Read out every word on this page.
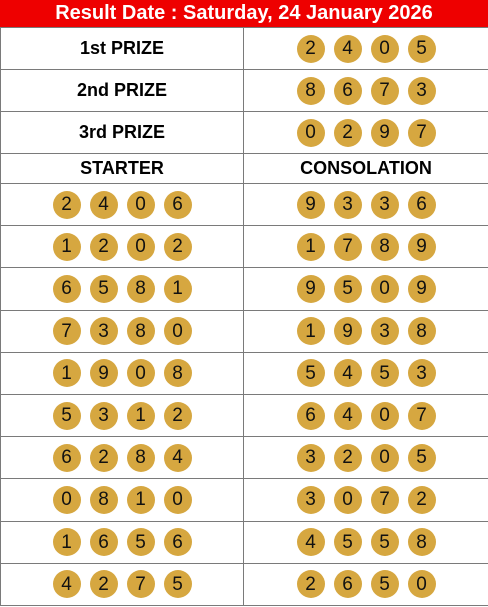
Result Date : Saturday, 24 January 2026
1st PRIZE	2 4 0 5

2nd PRIZE	8 6 7 3

3rd PRIZE	0 2 9 7

STARTER	CONSOLATION

2 4 0 6	9 3 3 6

1 2 0 2	1 7 8 9

6 5 8 1	9 5 0 9

7 3 8 0	1 9 3 8

1 9 0 8	5 4 5 3

5 3 1 2	6 4 0 7

6 2 8 4	3 2 0 5

0 8 1 0	3 0 7 2

1 6 5 6	4 5 5 8

4 2 7 5	2 6 5 0
